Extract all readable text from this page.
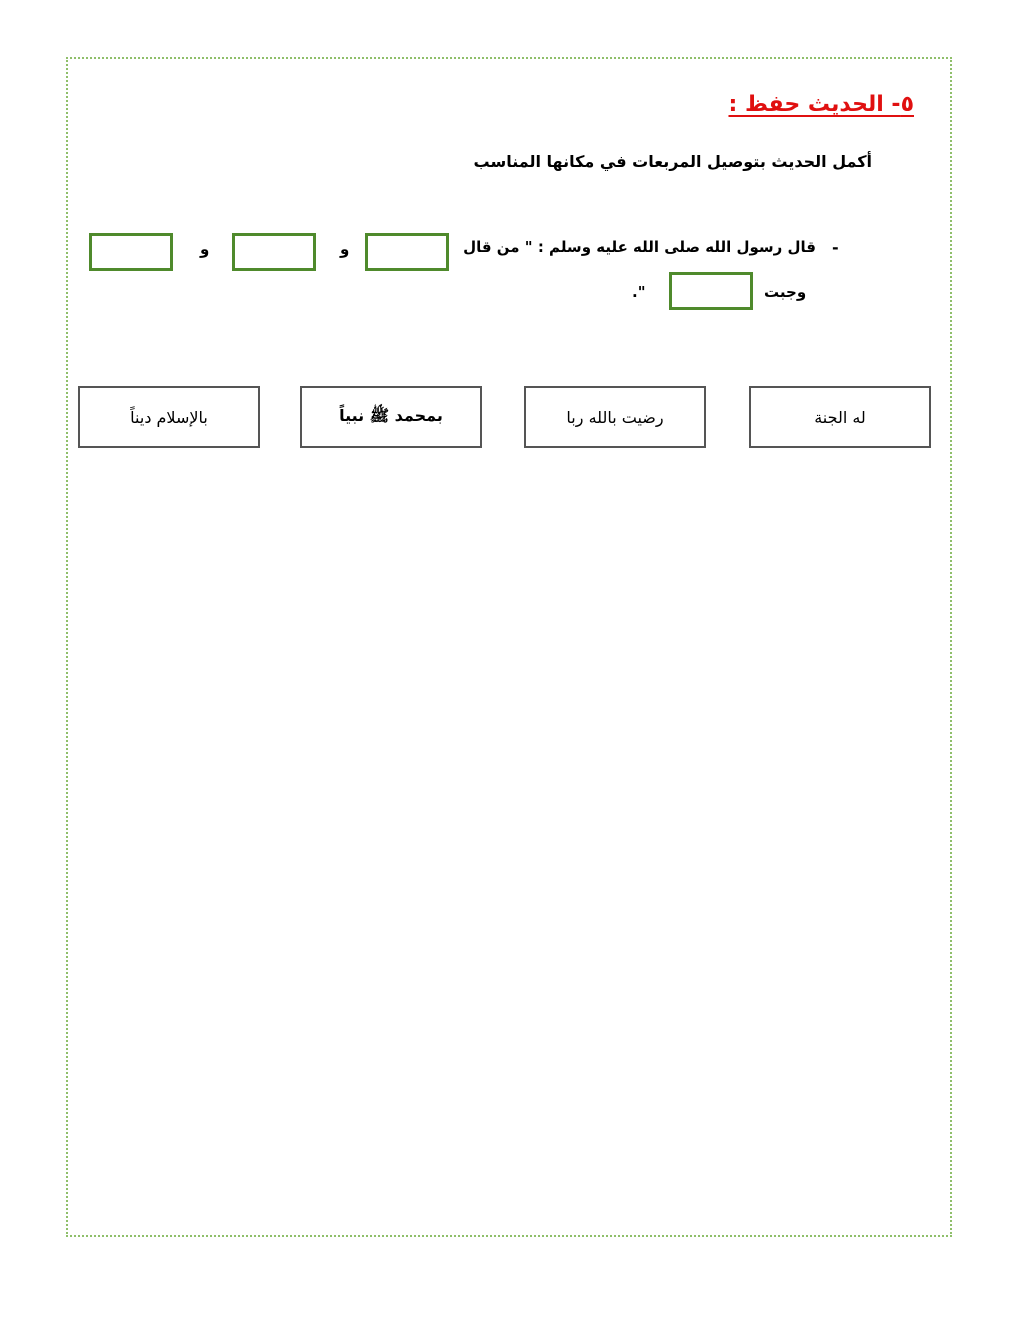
٥- الحديث حفظ :
أكمل الحديث بتوصيل المربعات في مكانها المناسب
-
قال رسول الله صلى الله عليه وسلم : " من قال
و
و
وجبت
."
له الجنة
رضيت بالله ربا
بمحمد ﷺ نبياً
بالإسلام ديناً
